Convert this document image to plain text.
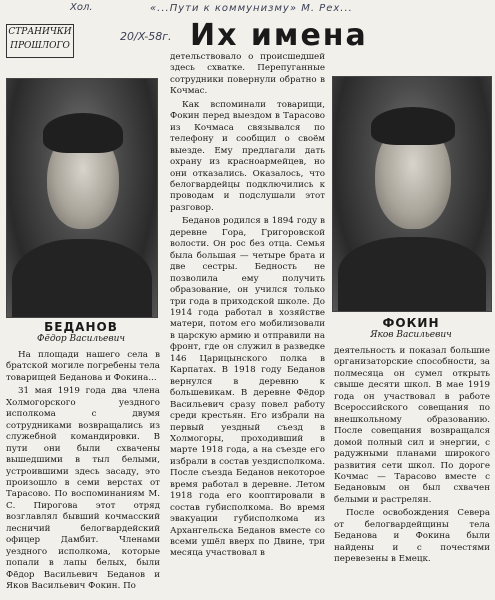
Хол.	«...Пути к коммунизму» М. Рех...
20/X-58г.
СТРАНИЧКИ
ПРОШЛОГО	Их имена
БЕДАНОВ
Фёдор Васильевич
ФОКИН
Яков Васильевич

На площади нашего села в братской могиле погребены тела товарищей Беданова и Фокина...

31 мая 1919 года два члена Холмогорского уездного исполкома с двумя сотрудниками возвращались из служебной командировки. В пути они были схвачены вышедшими в тыл белыми, устроившими здесь засаду, это произошло в семи верстах от Тарасово. По воспоминаниям М. С. Пирогова этот отряд возглавлял бывший кочмасский лесничий белогвардейский офицер Дамбит. Членами уездного исполкома, которые попали в лапы белых, были Фёдор Васильевич Беданов и Яков Васильевич Фокин. По

детельствовало о происшедшей здесь схватке. Перепуганные сотрудники повернули обратно в Кочмас.

Как вспоминали товарищи, Фокин перед выездом в Тарасово из Кочмаса связывался по телефону и сообщил о своём выезде. Ему предлагали дать охрану из красноармейцев, но они отказались. Оказалось, что белогвардейцы подключились к проводам и подслушали этот разговор.

Беданов родился в 1894 году в деревне Гора, Григоровской волости. Он рос без отца. Семья была большая — четыре брата и две сестры. Бедность не позволила ему получить образование, он учился только три года в приходской школе. До 1914 года работал в хозяйстве матери, потом его мобилизовали в царскую армию и отправили на фронт, где он служил в разведке 146 Царицынского полка в Карпатах. В 1918 году Беданов вернулся в деревню к большевикам. В деревне Фёдор Васильевич сразу повел работу среди крестьян. Его избрали на первый уездный съезд в Холмогоры, проходивший в марте 1918 года, а на съезде его избрали в состав уездисполкома. После съезда Беданов некоторое время работал в деревне. Летом 1918 года его кооптировали в состав губисполкома. Во время эвакуации губисполкома из Архангельска Беданов вместе со всеми ушёл вверх по Двине, три месяца участвовал в

деятельность и показал большие организаторские способности, за полмесяца он сумел открыть свыше десяти школ. В мае 1919 года он участвовал в работе Всероссийского совещания по внешкольному образованию. После совещания возвращался домой полный сил и энергии, с радужными планами широкого развития сети школ. По дороге Кочмас — Тарасово вместе с Бедановым он был схвачен белыми и растрелян.

После освобождения Севера от белогвардейщины тела Беданова и Фокина были найдены и с почестями перевезены в Емецк.
